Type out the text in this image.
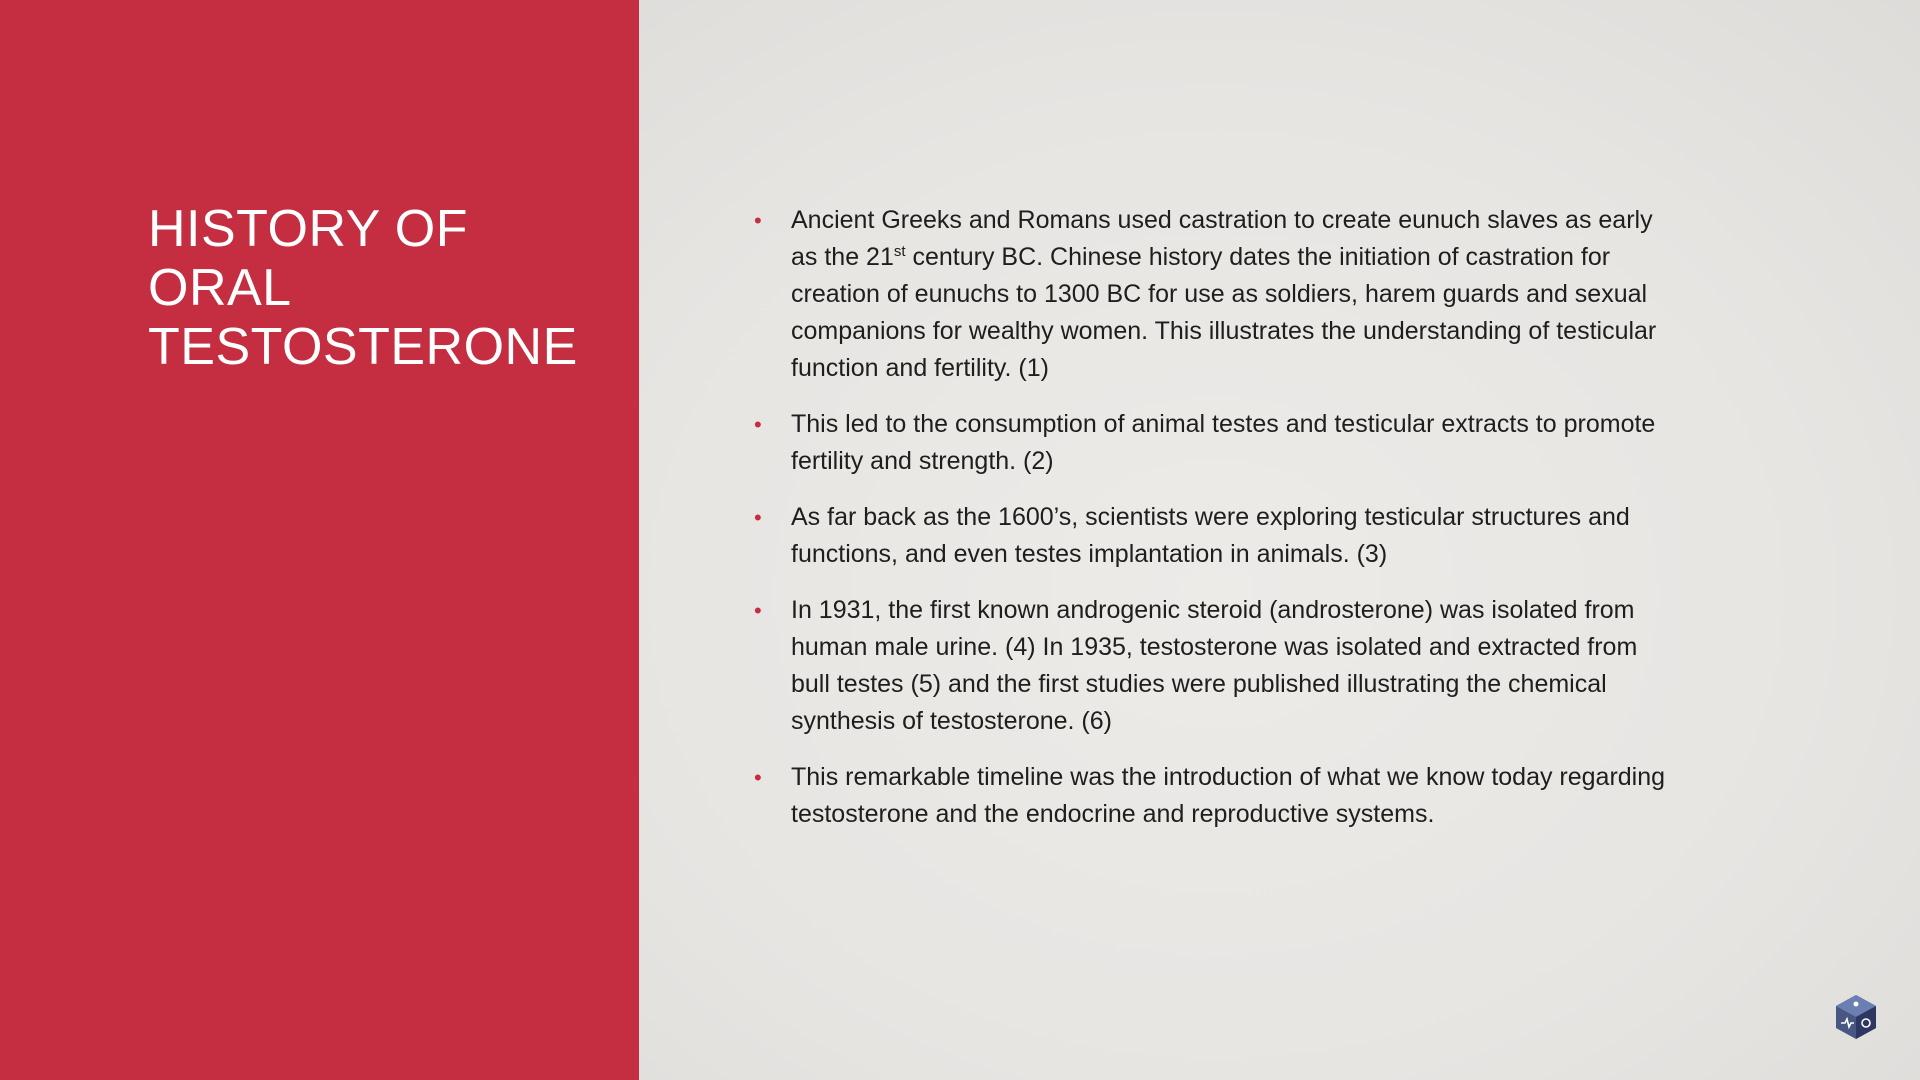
HISTORY OF
ORAL
TESTOSTERONE
• Ancient Greeks and Romans used castration to create eunuch slaves as early as the 21st century BC. Chinese history dates the initiation of castration for creation of eunuchs to 1300 BC for use as soldiers, harem guards and sexual companions for wealthy women. This illustrates the understanding of testicular function and fertility. (1)
• This led to the consumption of animal testes and testicular extracts to promote fertility and strength. (2)
• As far back as the 1600’s, scientists were exploring testicular structures and functions, and even testes implantation in animals. (3)
• In 1931, the first known androgenic steroid (androsterone) was isolated from human male urine. (4) In 1935, testosterone was isolated and extracted from bull testes (5) and the first studies were published illustrating the chemical synthesis of testosterone. (6)
• This remarkable timeline was the introduction of what we know today regarding testosterone and the endocrine and reproductive systems.
